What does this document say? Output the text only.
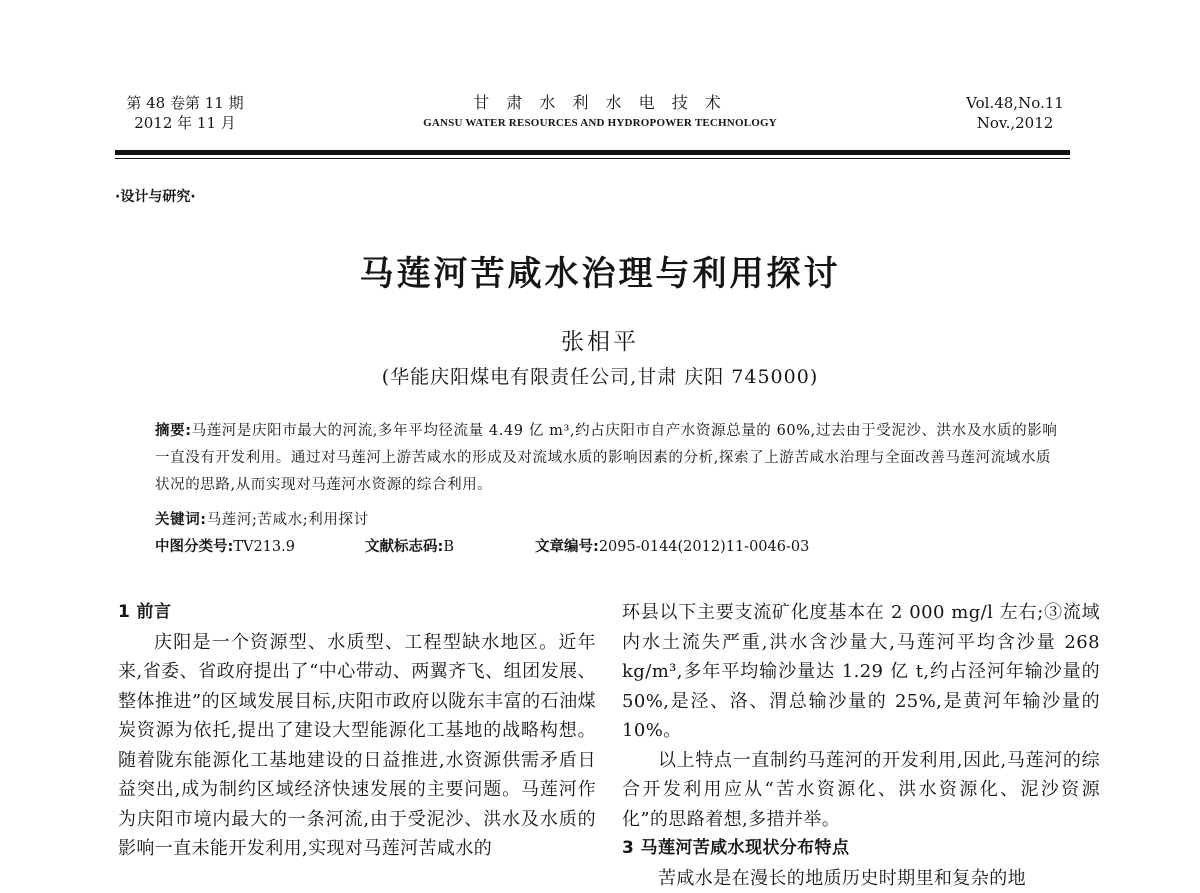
第 48 卷第 11 期
2012 年 11 月
甘 肃 水 利 水 电 技 术
GANSU WATER RESOURCES AND HYDROPOWER TECHNOLOGY
Vol.48,No.11
Nov.,2012
·设计与研究·
马莲河苦咸水治理与利用探讨
张相平
(华能庆阳煤电有限责任公司,甘肃 庆阳 745000)
摘要:马莲河是庆阳市最大的河流,多年平均径流量 4.49 亿 m³,约占庆阳市自产水资源总量的 60%,过去由于受泥沙、洪水及水质的影响一直没有开发利用。通过对马莲河上游苦咸水的形成及对流域水质的影响因素的分析,探索了上游苦咸水治理与全面改善马莲河流域水质状况的思路,从而实现对马莲河水资源的综合利用。
关键词:马莲河;苦咸水;利用探讨
中图分类号:TV213.9	文献标志码:B	文章编号:2095-0144(2012)11-0046-03
1 前言
庆阳是一个资源型、水质型、工程型缺水地区。近年来,省委、省政府提出了“中心带动、两翼齐飞、组团发展、整体推进”的区域发展目标,庆阳市政府以陇东丰富的石油煤炭资源为依托,提出了建设大型能源化工基地的战略构想。随着陇东能源化工基地建设的日益推进,水资源供需矛盾日益突出,成为制约区域经济快速发展的主要问题。马莲河作为庆阳市境内最大的一条河流,由于受泥沙、洪水及水质的影响一直未能开发利用,实现对马莲河苦咸水的
环县以下主要支流矿化度基本在 2 000 mg/l 左右;③流域内水土流失严重,洪水含沙量大,马莲河平均含沙量 268 kg/m³,多年平均输沙量达 1.29 亿 t,约占泾河年输沙量的 50%,是泾、洛、渭总输沙量的 25%,是黄河年输沙量的 10%。
以上特点一直制约马莲河的开发利用,因此,马莲河的综合开发利用应从“苦水资源化、洪水资源化、泥沙资源化”的思路着想,多措并举。
3 马莲河苦咸水现状分布特点
苦咸水是在漫长的地质历史时期里和复杂的地
